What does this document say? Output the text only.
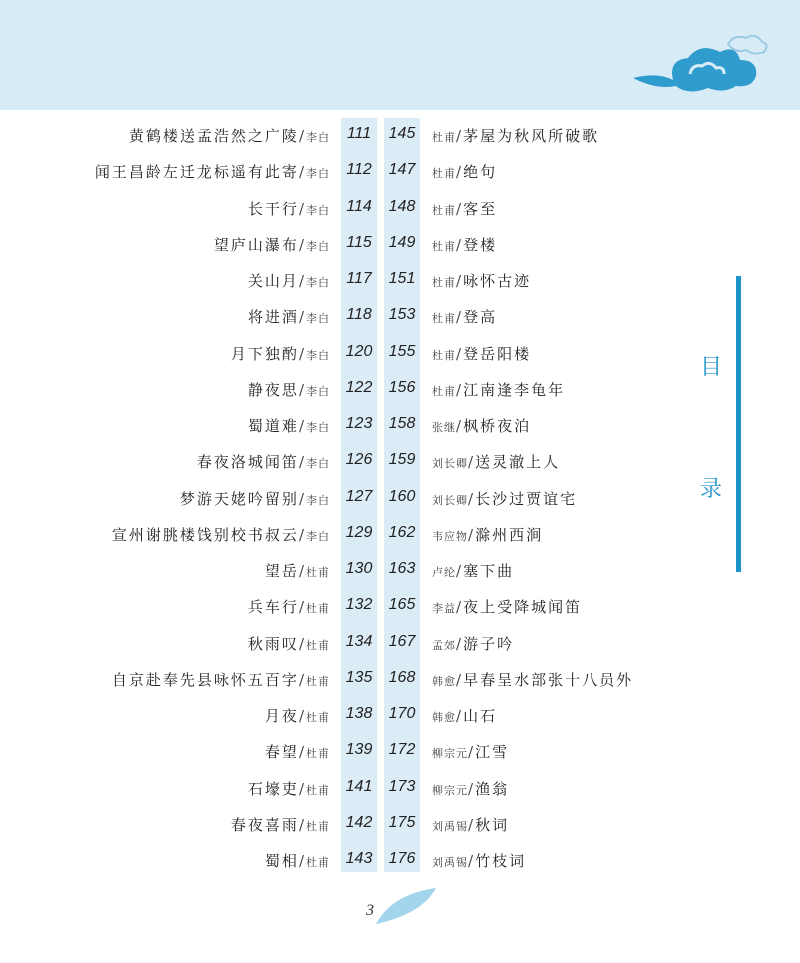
黄鹤楼送孟浩然之广陵/李白	111	145	杜甫/茅屋为秋风所破歌
闻王昌龄左迁龙标遥有此寄/李白	112	147	杜甫/绝句
长干行/李白	114	148	杜甫/客至
望庐山瀑布/李白	115	149	杜甫/登楼
关山月/李白	117	151	杜甫/咏怀古迹
将进酒/李白	118	153	杜甫/登高
月下独酌/李白 120 155	杜甫/登岳阳楼
静夜思/李白 122 156	杜甫/江南逢李龟年
蜀道难/李白 123 158	张继/枫桥夜泊
春夜洛城闻笛/李白 126 159	刘长卿/送灵澈上人
梦游天姥吟留别/李白 127 160	刘长卿/长沙过贾谊宅
宣州谢朓楼饯别校书叔云/李白 129 162	韦应物/滁州西涧
望岳/杜甫 130 163	卢纶/塞下曲
兵车行/杜甫 132 165	李益/夜上受降城闻笛
秋雨叹/杜甫 134 167	孟郊/游子吟
自京赴奉先县咏怀五百字/杜甫 135 168	韩愈/早春呈水部张十八员外
月夜/杜甫 138 170	韩愈/山石
春望/杜甫 139 172	柳宗元/江雪
石壕吏/杜甫 141 173	柳宗元/渔翁
春夜喜雨/杜甫 142 175	刘禹锡/秋词
蜀相/杜甫 143 176	刘禹锡/竹枝词
目
录
3
